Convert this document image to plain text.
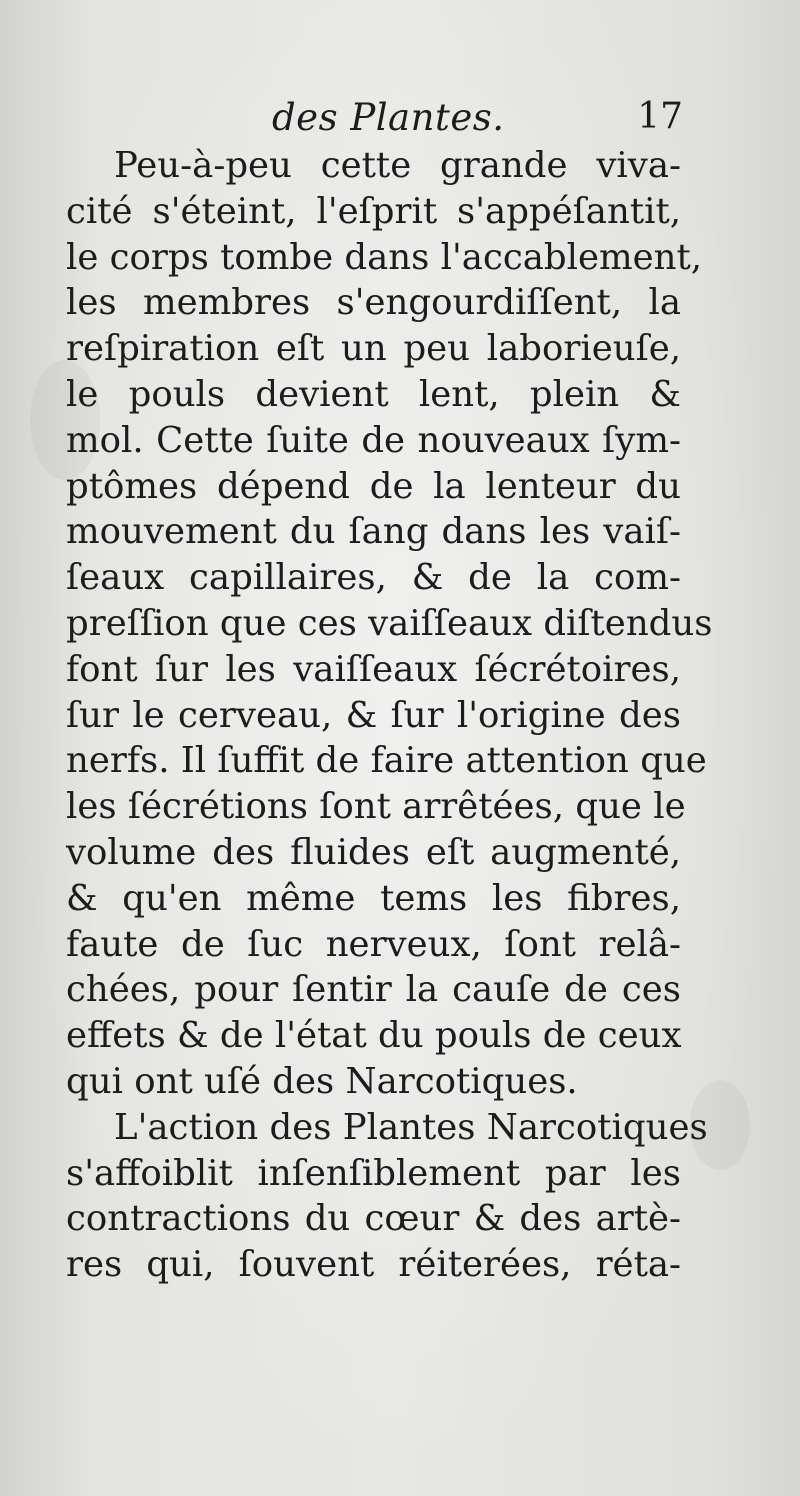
des Plantes.	17
Peu-à-peu cette grande viva-
cité s'éteint, l'eſprit s'appéſantit,
le corps tombe dans l'accablement,
les membres s'engourdiſſent, la
reſpiration eſt un peu laborieuſe,
le pouls devient lent, plein &
mol. Cette ſuite de nouveaux ſym-
ptômes dépend de la lenteur du
mouvement du ſang dans les vaiſ-
ſeaux capillaires, & de la com-
preſſion que ces vaiſſeaux diſtendus
font ſur les vaiſſeaux ſécrétoires,
ſur le cerveau, & ſur l'origine des
nerfs. Il ſuffit de faire attention que
les ſécrétions ſont arrêtées, que le
volume des fluides eſt augmenté,
& qu'en même tems les fibres,
faute de ſuc nerveux, ſont relâ-
chées, pour ſentir la cauſe de ces
effets & de l'état du pouls de ceux
qui ont uſé des Narcotiques.
L'action des Plantes Narcotiques
s'affoiblit inſenſiblement par les
contractions du cœur & des artè-
res qui, ſouvent réiterées, réta-
